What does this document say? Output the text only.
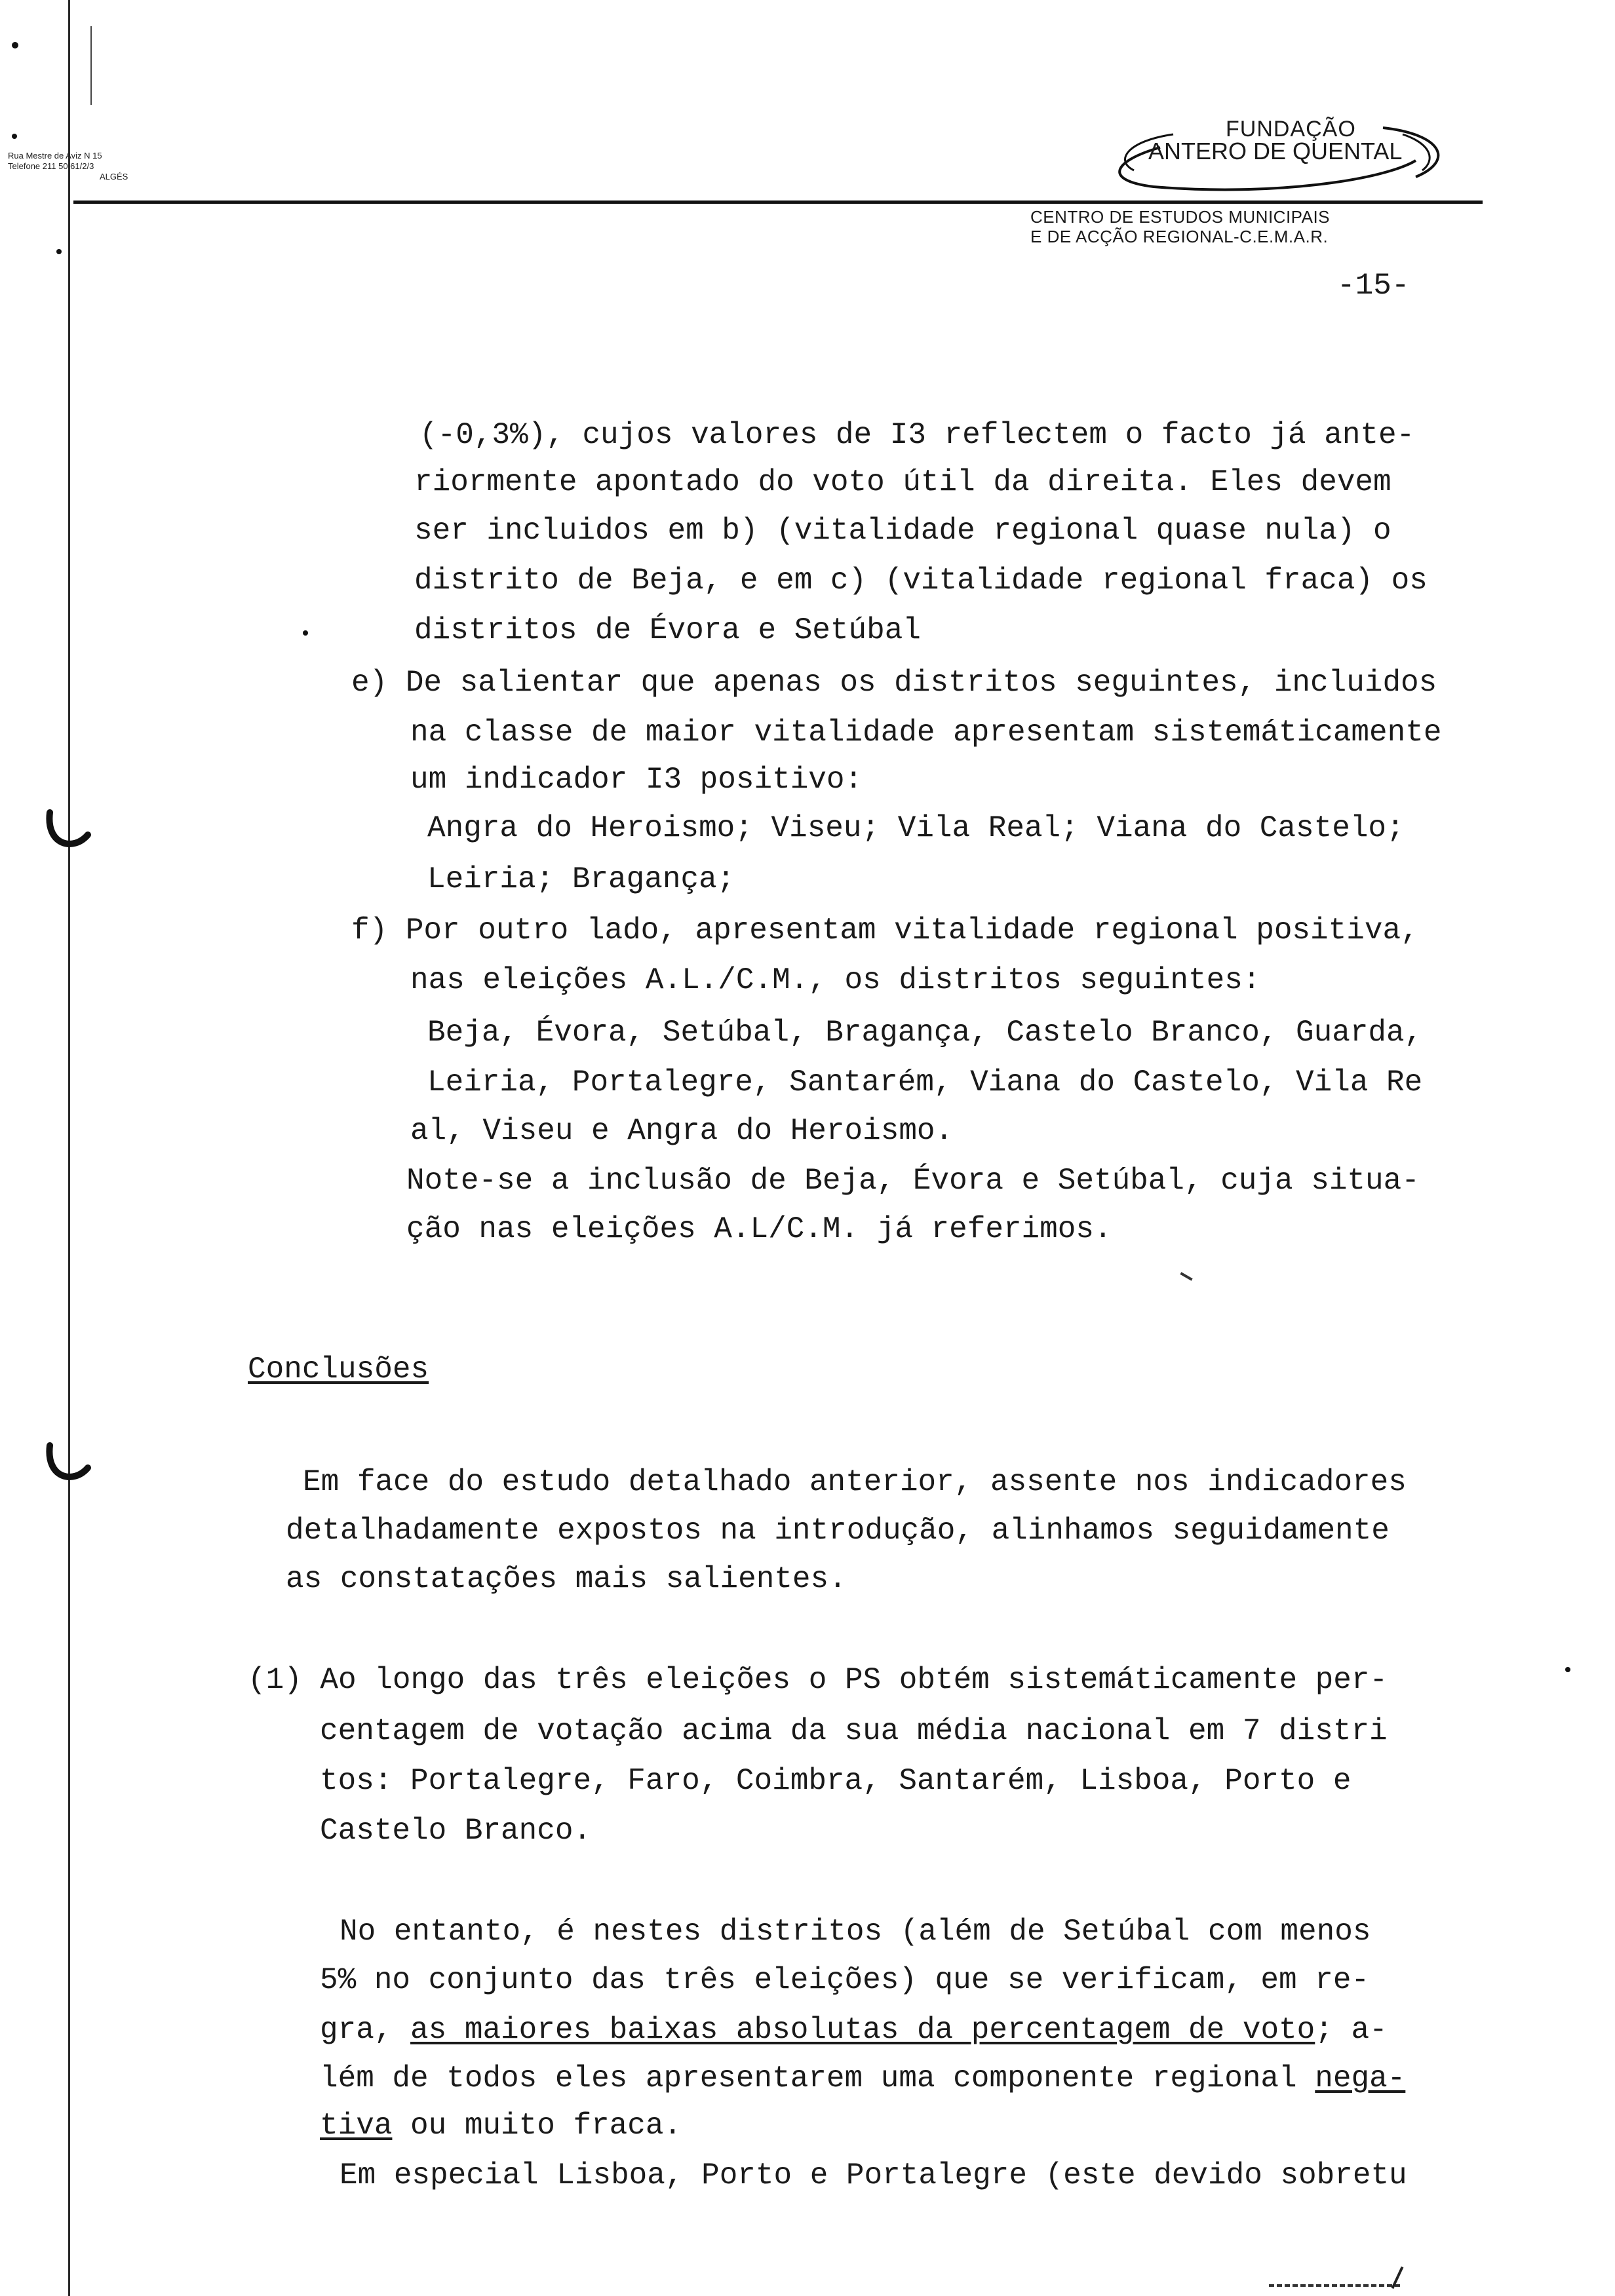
Rua Mestre de Aviz N 15
Telefone 211 50 61/2/3
ALGÉS
FUNDAÇÃO
ANTERO DE QUENTAL
CENTRO DE ESTUDOS MUNICIPAIS
E DE ACÇÃO REGIONAL-C.E.M.A.R.
-15-
(-0,3%), cujos valores de I3 reflectem o facto já ante-
riormente apontado do voto útil da direita. Eles devem
ser incluidos em b) (vitalidade regional quase nula) o
distrito de Beja, e em c) (vitalidade regional fraca) os
distritos de Évora e Setúbal
e) De salientar que apenas os distritos seguintes, incluidos
na classe de maior vitalidade apresentam sistemáticamente
um indicador I3 positivo:
Angra do Heroismo; Viseu; Vila Real; Viana do Castelo;
Leiria; Bragança;
f) Por outro lado, apresentam vitalidade regional positiva,
nas eleições A.L./C.M., os distritos seguintes:
Beja, Évora, Setúbal, Bragança, Castelo Branco, Guarda,
Leiria, Portalegre, Santarém, Viana do Castelo, Vila Re
al, Viseu e Angra do Heroismo.
Note-se a inclusão de Beja, Évora e Setúbal, cuja situa-
ção nas eleições A.L/C.M. já referimos.
Conclusões
Em face do estudo detalhado anterior, assente nos indicadores
detalhadamente expostos na introdução, alinhamos seguidamente
as constatações mais salientes.
(1) Ao longo das três eleições o PS obtém sistemáticamente per-
centagem de votação acima da sua média nacional em 7 distri
tos: Portalegre, Faro, Coimbra, Santarém, Lisboa, Porto e
Castelo Branco.
No entanto, é nestes distritos (além de Setúbal com menos
5% no conjunto das três eleições) que se verificam, em re-
gra, as maiores baixas absolutas da percentagem de voto; a-
lém de todos eles apresentarem uma componente regional nega-
tiva ou muito fraca.
Em especial Lisboa, Porto e Portalegre (este devido sobretu
